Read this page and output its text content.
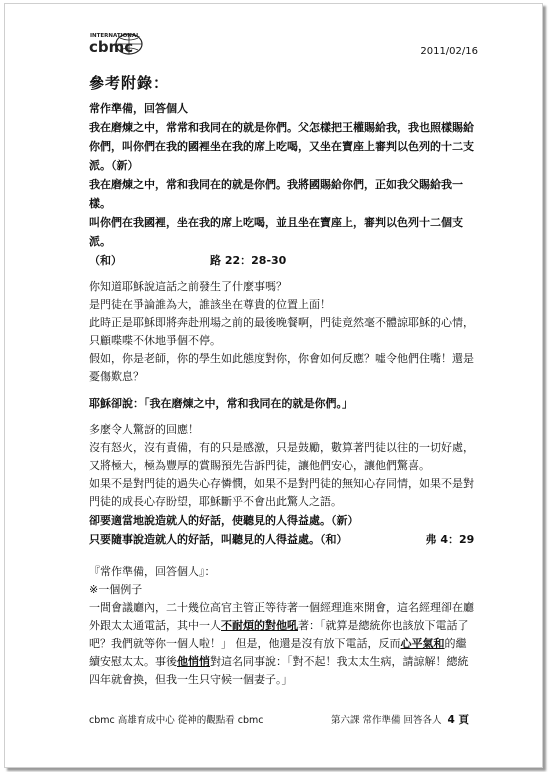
INTERNATIONAL
cbmc	2011/02/16
參考附錄：

常作準備，回答個人

我在磨煉之中，常常和我同在的就是你們。父怎樣把王權賜給我，我也照樣賜給

你們，叫你們在我的國裡坐在我的席上吃喝，又坐在寶座上審判以色列的十二支

派。（新）

我在磨煉之中，常和我同在的就是你們。我將國賜給你們，正如我父賜給我一樣。

叫你們在我國裡，坐在我的席上吃喝，並且坐在寶座上，審判以色列十二個支派。

（和）	路 22：28-30

你知道耶穌說這話之前發生了什麼事嗎？

是門徒在爭論誰為大，誰該坐在尊貴的位置上面！

此時正是耶穌即將奔赴刑場之前的最後晚餐啊，門徒竟然毫不體諒耶穌的心情，

只顧喋喋不休地爭個不停。

假如，你是老師，你的學生如此態度對你，你會如何反應？噓令他們住嘴！還是

憂傷歎息？

耶穌卻說：「我在磨煉之中，常和我同在的就是你們。」

多麼令人驚訝的回應！

沒有怒火，沒有責備，有的只是感激，只是鼓勵，數算著門徒以往的一切好處，

又將極大，極為豐厚的賞賜預先告訴門徒，讓他們安心，讓他們驚喜。

如果不是對門徒的過失心存憐憫，如果不是對門徒的無知心存同情，如果不是對

門徒的成長心存盼望，耶穌斷乎不會出此驚人之語。

卻要適當地說造就人的好話，使聽見的人得益處。（新）

只要隨事說造就人的好話，叫聽見的人得益處。（和）	弗 4：29

『常作準備，回答個人』：

※一個例子

一間會議廳內，二十幾位高官主管正等待著一個經理進來開會，這名經理卻在廳

外跟太太通電話，其中一人不耐煩的對他吼著：「就算是總統你也該放下電話了

吧？我們就等你一個人啦！」 但是，他還是沒有放下電話，反而心平氣和的繼

續安慰太太。事後他悄悄對這名同事說：「對不起！我太太生病，請諒解！總統

四年就會換，但我一生只守候一個妻子。」

cbmc 高雄育成中心 從神的觀點看 cbmc	第六課 常作準備 回答各人 4 頁
